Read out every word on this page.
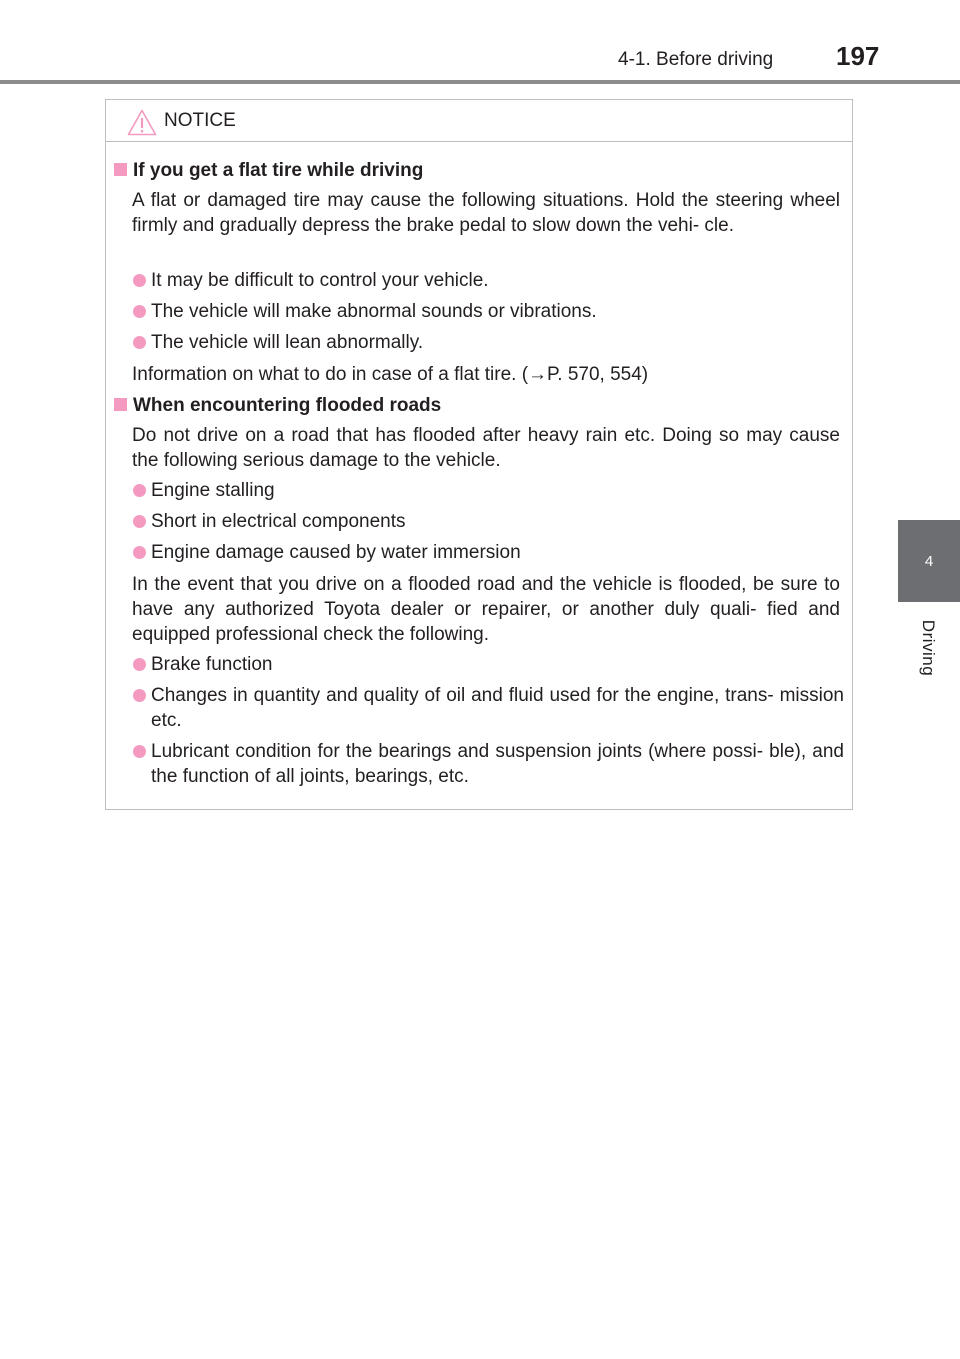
4-1. Before driving 197
4
Driving
NOTICE
If you get a flat tire while driving
A flat or damaged tire may cause the following situations. Hold the steering wheel firmly and gradually depress the brake pedal to slow down the vehi- cle.
It may be difficult to control your vehicle.
The vehicle will make abnormal sounds or vibrations.
The vehicle will lean abnormally.
Information on what to do in case of a flat tire. (→P. 570, 554)
When encountering flooded roads
Do not drive on a road that has flooded after heavy rain etc. Doing so may cause the following serious damage to the vehicle.
Engine stalling
Short in electrical components
Engine damage caused by water immersion
In the event that you drive on a flooded road and the vehicle is flooded, be sure to have any authorized Toyota dealer or repairer, or another duly quali- fied and equipped professional check the following.
Brake function
Changes in quantity and quality of oil and fluid used for the engine, trans- mission etc.
Lubricant condition for the bearings and suspension joints (where possi- ble), and the function of all joints, bearings, etc.
